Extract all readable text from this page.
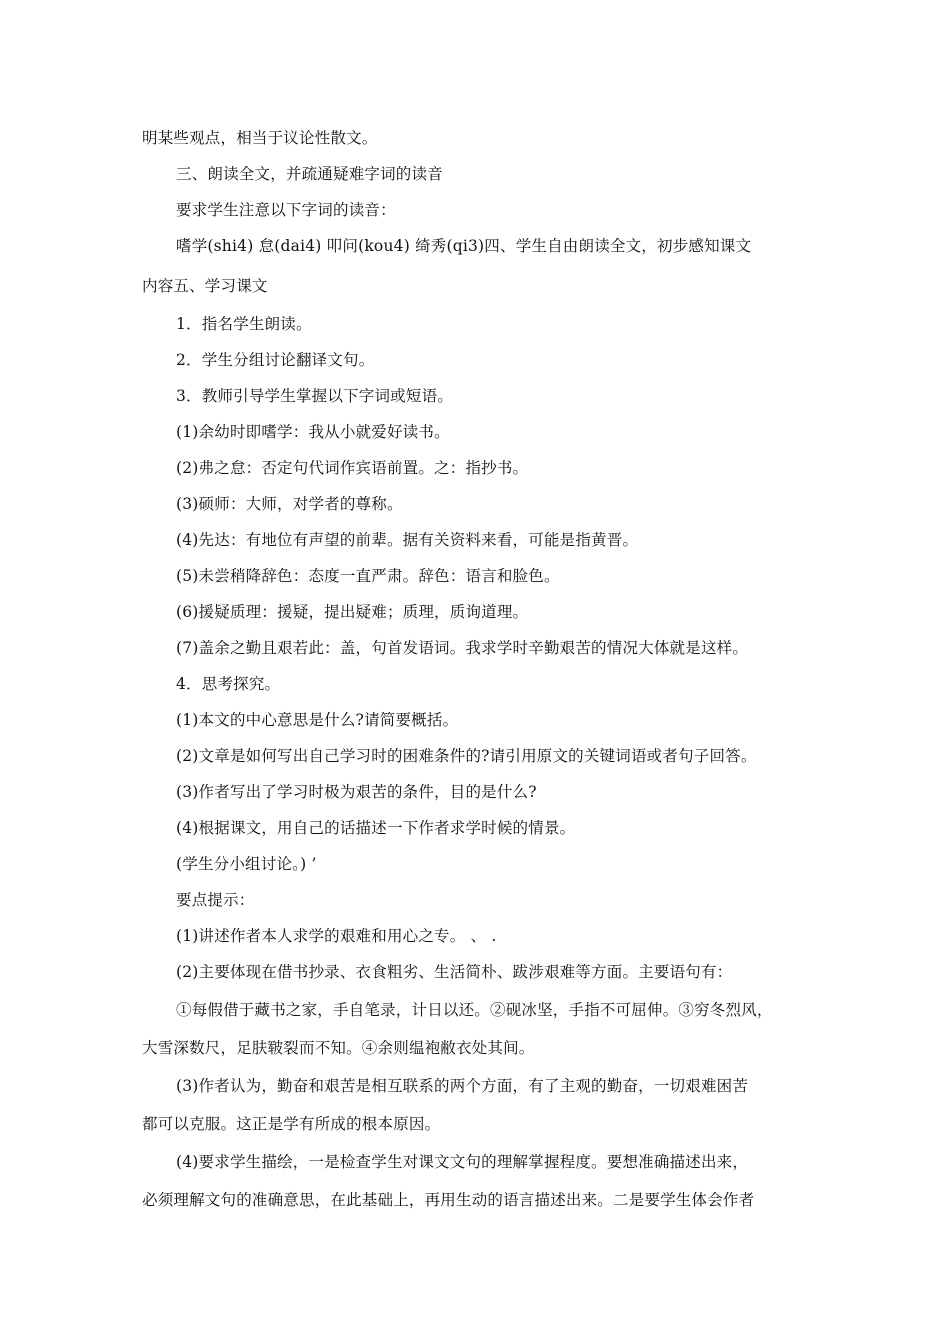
明某些观点，相当于议论性散文。
三、朗读全文，并疏通疑难字词的读音
要求学生注意以下字词的读音：
嗜学(shi4) 怠(dai4) 叩问(kou4) 绮秀(qi3)四、学生自由朗读全文，初步感知课文
内容五、学习课文
1．指名学生朗读。
2．学生分组讨论翻译文句。
3．教师引导学生掌握以下字词或短语。
(1)余幼时即嗜学：我从小就爱好读书。
(2)弗之怠：否定句代词作宾语前置。之：指抄书。
(3)硕师：大师，对学者的尊称。
(4)先达：有地位有声望的前辈。据有关资料来看，可能是指黄晋。
(5)未尝稍降辞色：态度一直严肃。辞色：语言和脸色。
(6)援疑质理：援疑，提出疑难；质理，质询道理。
(7)盖余之勤且艰若此：盖，句首发语词。我求学时辛勤艰苦的情况大体就是这样。
4．思考探究。
(1)本文的中心意思是什么?请简要概括。
(2)文章是如何写出自己学习时的困难条件的?请引用原文的关键词语或者句子回答。
(3)作者写出了学习时极为艰苦的条件，目的是什么?
(4)根据课文，用自己的话描述一下作者求学时候的情景。
(学生分小组讨论。) ’
要点提示：
(1)讲述作者本人求学的艰难和用心之专。 、 .
(2)主要体现在借书抄录、衣食粗劣、生活简朴、跋涉艰难等方面。主要语句有：
①每假借于藏书之家，手自笔录，计日以还。②砚冰坚，手指不可屈伸。③穷冬烈风，
大雪深数尺，足肤皲裂而不知。④余则缊袍敝衣处其间。
(3)作者认为，勤奋和艰苦是相互联系的两个方面，有了主观的勤奋，一切艰难困苦
都可以克服。这正是学有所成的根本原因。
(4)要求学生描绘，一是检查学生对课文文句的理解掌握程度。要想准确描述出来，
必须理解文句的准确意思，在此基础上，再用生动的语言描述出来。二是要学生体会作者
